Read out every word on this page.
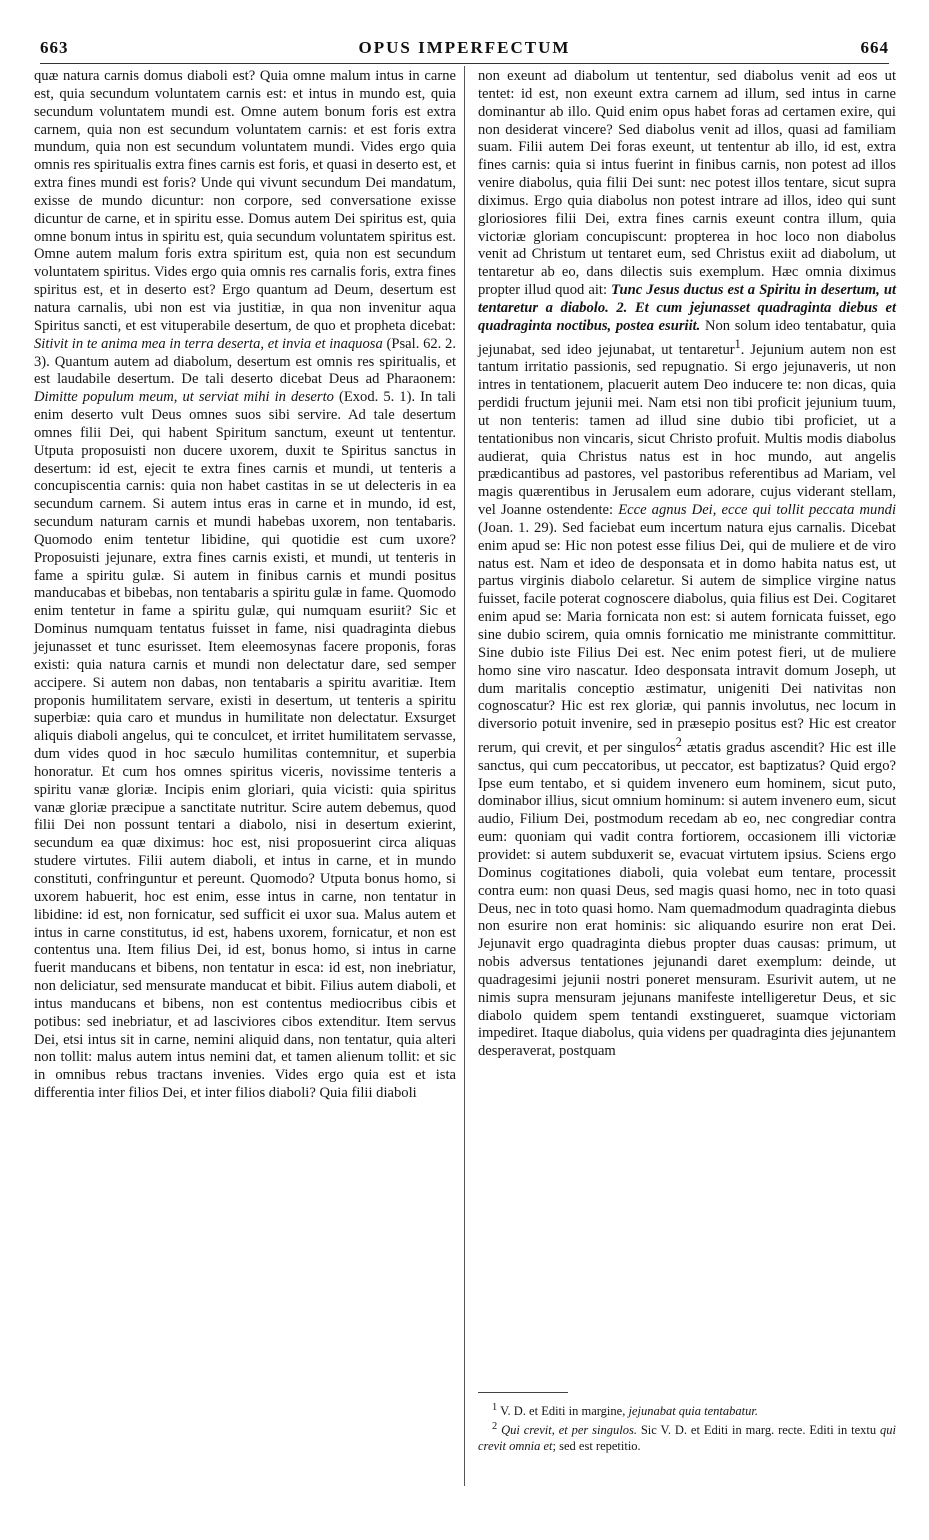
663	OPUS IMPERFECTUM	664

quæ natura carnis domus diaboli est? Quia omne malum intus in carne est, quia secundum voluntatem carnis est: et intus in mundo est, quia secundum voluntatem mundi est. Omne autem bonum foris est extra carnem, quia non est secundum voluntatem carnis: et est foris extra mundum, quia non est secundum voluntatem mundi. Vides ergo quia omnis res spiritualis extra fines carnis est foris, et quasi in deserto est, et extra fines mundi est foris? Unde qui vivunt secundum Dei mandatum, exisse de mundo dicuntur: non corpore, sed conversatione exisse dicuntur de carne, et in spiritu esse. Domus autem Dei spiritus est, quia omne bonum intus in spiritu est, quia secundum voluntatem spiritus est. Omne autem malum foris extra spiritum est, quia non est secundum voluntatem spiritus. Vides ergo quia omnis res carnalis foris, extra fines spiritus est, et in deserto est? Ergo quantum ad Deum, desertum est natura carnalis, ubi non est via justitiæ, in qua non invenitur aqua Spiritus sancti, et est vituperabile desertum, de quo et propheta dicebat: Sitivit in te anima mea in terra deserta, et invia et inaquosa (Psal. 62. 2. 3). Quantum autem ad diabolum, desertum est omnis res spiritualis, et est laudabile desertum. De tali deserto dicebat Deus ad Pharaonem: Dimitte populum meum, ut serviat mihi in deserto (Exod. 5. 1). In tali enim deserto vult Deus omnes suos sibi servire. Ad tale desertum omnes filii Dei, qui habent Spiritum sanctum, exeunt ut tententur. Utputa proposuisti non ducere uxorem, duxit te Spiritus sanctus in desertum: id est, ejecit te extra fines carnis et mundi, ut tenteris a concupiscentia carnis: quia non habet castitas in se ut delecteris in ea secundum carnem. Si autem intus eras in carne et in mundo, id est, secundum naturam carnis et mundi habebas uxorem, non tentabaris. Quomodo enim tentetur libidine, qui quotidie est cum uxore? Proposuisti jejunare, extra fines carnis existi, et mundi, ut tenteris in fame a spiritu gulæ. Si autem in finibus carnis et mundi positus manducabas et bibebas, non tentabaris a spiritu gulæ in fame. Quomodo enim tentetur in fame a spiritu gulæ, qui numquam esuriit? Sic et Dominus numquam tentatus fuisset in fame, nisi quadraginta diebus jejunasset et tunc esurisset. Item eleemosynas facere proponis, foras existi: quia natura carnis et mundi non delectatur dare, sed semper accipere. Si autem non dabas, non tentabaris a spiritu avaritiæ. Item proponis humilitatem servare, existi in desertum, ut tenteris a spiritu superbiæ: quia caro et mundus in humilitate non delectatur. Exsurget aliquis diaboli angelus, qui te conculcet, et irritet humilitatem servasse, dum vides quod in hoc sæculo humilitas contemnitur, et superbia honoratur. Et cum hos omnes spiritus viceris, novissime tenteris a spiritu vanæ gloriæ. Incipis enim gloriari, quia vicisti: quia spiritus vanæ gloriæ præcipue a sanctitate nutritur. Scire autem debemus, quod filii Dei non possunt tentari a diabolo, nisi in desertum exierint, secundum ea quæ diximus: hoc est, nisi proposuerint circa aliquas studere virtutes. Filii autem diaboli, et intus in carne, et in mundo constituti, confringuntur et pereunt. Quomodo? Utputa bonus homo, si uxorem habuerit, hoc est enim, esse intus in carne, non tentatur in libidine: id est, non fornicatur, sed sufficit ei uxor sua. Malus autem et intus in carne constitutus, id est, habens uxorem, fornicatur, et non est contentus una. Item filius Dei, id est, bonus homo, si intus in carne fuerit manducans et bibens, non tentatur in esca: id est, non inebriatur, non deliciatur, sed mensurate manducat et bibit. Filius autem diaboli, et intus manducans et bibens, non est contentus mediocribus cibis et potibus: sed inebriatur, et ad lasciviores cibos extenditur. Item servus Dei, etsi intus sit in carne, nemini aliquid dans, non tentatur, quia alteri non tollit: malus autem intus nemini dat, et tamen alienum tollit: et sic in omnibus rebus tractans invenies. Vides ergo quia est et ista differentia inter filios Dei, et inter filios diaboli? Quia filii diaboli

non exeunt ad diabolum ut tententur, sed diabolus venit ad eos ut tentet: id est, non exeunt extra carnem ad illum, sed intus in carne dominantur ab illo. Quid enim opus habet foras ad certamen exire, qui non desiderat vincere? Sed diabolus venit ad illos, quasi ad familiam suam. Filii autem Dei foras exeunt, ut tententur ab illo, id est, extra fines carnis: quia si intus fuerint in finibus carnis, non potest ad illos venire diabolus, quia filii Dei sunt: nec potest illos tentare, sicut supra diximus. Ergo quia diabolus non potest intrare ad illos, ideo qui sunt gloriosiores filii Dei, extra fines carnis exeunt contra illum, quia victoriæ gloriam concupiscunt: propterea in hoc loco non diabolus venit ad Christum ut tentaret eum, sed Christus exiit ad diabolum, ut tentaretur ab eo, dans dilectis suis exemplum. Hæc omnia diximus propter illud quod ait: Tunc Jesus ductus est a Spiritu in desertum, ut tentaretur a diabolo. 2. Et cum jejunasset quadraginta diebus et quadraginta noctibus, postea esuriit. Non solum ideo tentabatur, quia jejunabat, sed ideo jejunabat, ut tentaretur$^1$. Jejunium autem non est tantum irritatio passionis, sed repugnatio. Si ergo jejunaveris, ut non intres in tentationem, placuerit autem Deo inducere te: non dicas, quia perdidi fructum jejunii mei. Nam etsi non tibi proficit jejunium tuum, ut non tenteris: tamen ad illud sine dubio tibi proficiet, ut a tentationibus non vincaris, sicut Christo profuit. Multis modis diabolus audierat, quia Christus natus est in hoc mundo, aut angelis prædicantibus ad pastores, vel pastoribus referentibus ad Mariam, vel magis quærentibus in Jerusalem eum adorare, cujus viderant stellam, vel Joanne ostendente: Ecce agnus Dei, ecce qui tollit peccata mundi (Joan. 1. 29). Sed faciebat eum incertum natura ejus carnalis. Dicebat enim apud se: Hic non potest esse filius Dei, qui de muliere et de viro natus est. Nam et ideo de desponsata et in domo habita natus est, ut partus virginis diabolo celaretur. Si autem de simplice virgine natus fuisset, facile poterat cognoscere diabolus, quia filius est Dei. Cogitaret enim apud se: Maria fornicata non est: si autem fornicata fuisset, ego sine dubio scirem, quia omnis fornicatio me ministrante committitur. Sine dubio iste Filius Dei est. Nec enim potest fieri, ut de muliere homo sine viro nascatur. Ideo desponsata intravit domum Joseph, ut dum maritalis conceptio æstimatur, unigeniti Dei nativitas non cognoscatur? Hic est rex gloriæ, qui pannis involutus, nec locum in diversorio potuit invenire, sed in præsepio positus est? Hic est creator rerum, qui crevit, et per singulos$^2$ ætatis gradus ascendit? Hic est ille sanctus, qui cum peccatoribus, ut peccator, est baptizatus? Quid ergo? Ipse eum tentabo, et si quidem invenero eum hominem, sicut puto, dominabor illius, sicut omnium hominum: si autem invenero eum, sicut audio, Filium Dei, postmodum recedam ab eo, nec congrediar contra eum: quoniam qui vadit contra fortiorem, occasionem illi victoriæ providet: si autem subduxerit se, evacuat virtutem ipsius. Sciens ergo Dominus cogitationes diaboli, quia volebat eum tentare, processit contra eum: non quasi Deus, sed magis quasi homo, nec in toto quasi Deus, nec in toto quasi homo. Nam quemadmodum quadraginta diebus non esurire non erat hominis: sic aliquando esurire non erat Dei. Jejunavit ergo quadraginta diebus propter duas causas: primum, ut nobis adversus tentationes jejunandi daret exemplum: deinde, ut quadragesimi jejunii nostri poneret mensuram. Esurivit autem, ut ne nimis supra mensuram jejunans manifeste intelligeretur Deus, et sic diabolo quidem spem tentandi exstingueret, suamque victoriam impediret. Itaque diabolus, quia videns per quadraginta dies jejunantem desperaverat, postquam

$^1$ V. D. et Editi in margine, jejunabat quia tentabatur.

$^2$ Qui crevit, et per singulos. Sic V. D. et Editi in marg. recte. Editi in textu qui crevit omnia et; sed est repetitio.
